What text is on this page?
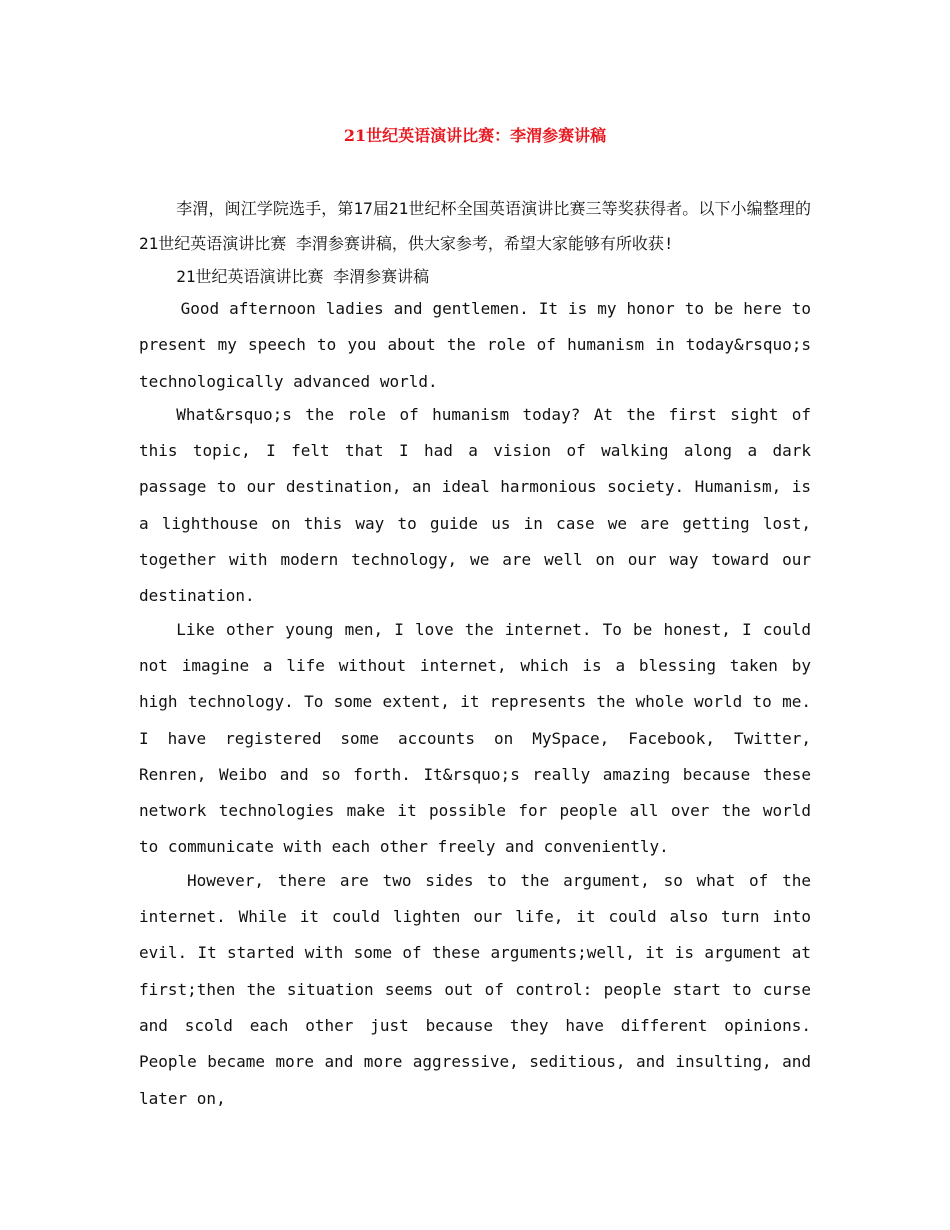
21世纪英语演讲比赛：李渭参赛讲稿

李渭，闽江学院选手，第17届21世纪杯全国英语演讲比赛三等奖获得者。以下小编整理的21世纪英语演讲比赛 李渭参赛讲稿，供大家参考，希望大家能够有所收获!

21世纪英语演讲比赛 李渭参赛讲稿

Good afternoon ladies and gentlemen. It is my honor to be here to present my speech to you about the role of humanism in today&rsquo;s technologically advanced world.

What&rsquo;s the role of humanism today? At the first sight of this topic, I felt that I had a vision of walking along a dark passage to our destination, an ideal harmonious society. Humanism, is a lighthouse on this way to guide us in case we are getting lost, together with modern technology, we are well on our way toward our destination.

Like other young men, I love the internet. To be honest, I could not imagine a life without internet, which is a blessing taken by high technology. To some extent, it represents the whole world to me. I have registered some accounts on MySpace, Facebook, Twitter, Renren, Weibo and so forth. It&rsquo;s really amazing because these network technologies make it possible for people all over the world to communicate with each other freely and conveniently.

However, there are two sides to the argument, so what of the internet. While it could lighten our life, it could also turn into evil. It started with some of these arguments;well, it is argument at first;then the situation seems out of control: people start to curse and scold each other just because they have different opinions. People became more and more aggressive, seditious, and insulting, and later on,
